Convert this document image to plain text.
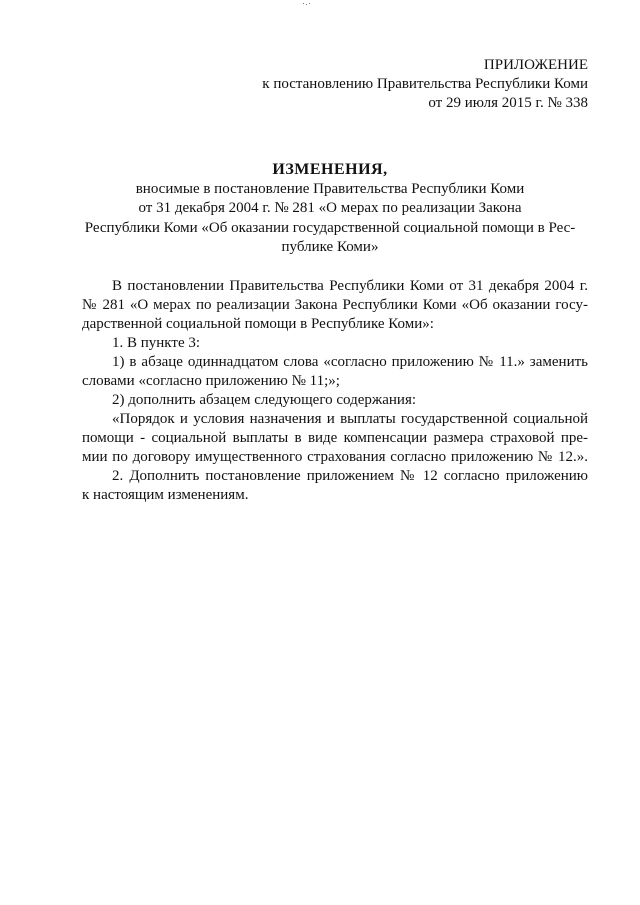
ПРИЛОЖЕНИЕ
к постановлению Правительства Республики Коми
от 29 июля 2015 г. № 338
ИЗМЕНЕНИЯ,
вносимые в постановление Правительства Республики Коми
от 31 декабря 2004 г. № 281 «О мерах по реализации Закона
Республики Коми «Об оказании государственной социальной помощи в Рес-
публике Коми»
В постановлении Правительства Республики Коми от 31 декабря 2004 г.
№ 281 «О мерах по реализации Закона Республики Коми «Об оказании госу-
дарственной социальной помощи в Республике Коми»:
1. В пункте 3:
1) в абзаце одиннадцатом слова «согласно приложению № 11.» заменить
словами «согласно приложению № 11;»;
2) дополнить абзацем следующего содержания:
«Порядок и условия назначения и выплаты государственной социальной
помощи - социальной выплаты в виде компенсации размера страховой пре-
мии по договору имущественного страхования согласно приложению № 12.».
2. Дополнить постановление приложением № 12 согласно приложению
к настоящим изменениям.
